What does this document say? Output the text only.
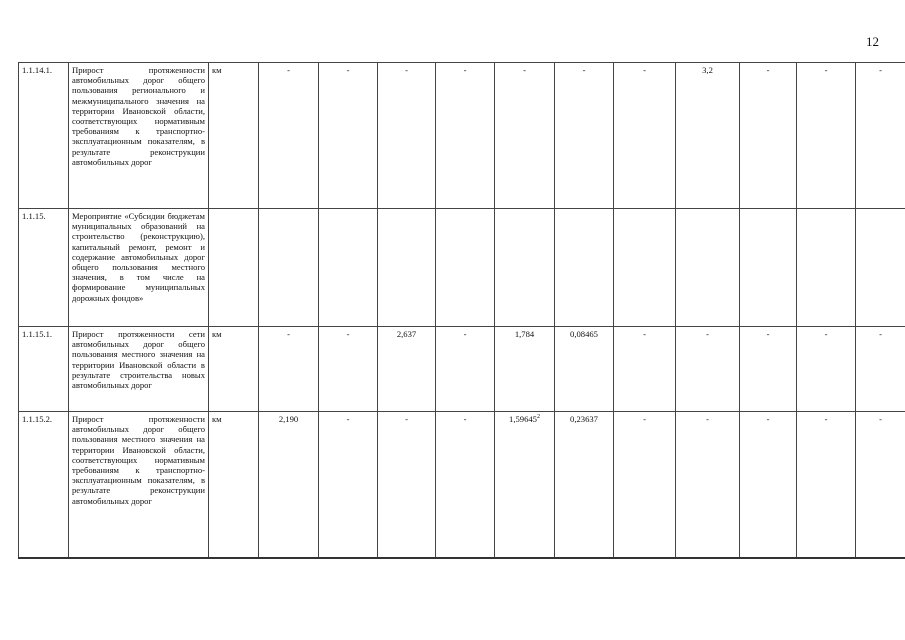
12
1.1.14.1.	Прирост протяженности автомобильных дорог общего пользования регионального и межмуниципального значения на территории Ивановской области, соответствующих нормативным требованиям к транспортно-эксплуатационным показателям, в результате реконструкции автомобильных дорог	км	-	-	-	-	-	-	-	3,2	-	-	-	
1.1.15.	Мероприятие «Субсидии бюджетам муниципальных образований на строительство (реконструкцию), капитальный ремонт, ремонт и содержание автомобильных дорог общего пользования местного значения, в том числе на формирование муниципальных дорожных фондов»													
1.1.15.1.	Прирост протяженности сети автомобильных дорог общего пользования местного значения на территории Ивановской области в результате строительства новых автомобильных дорог	км	-	-	2,637	-	1,784	0,08465	-	-	-	-	-	
1.1.15.2.	Прирост протяженности автомобильных дорог общего пользования местного значения на территории Ивановской области, соответствующих нормативным требованиям к транспортно-эксплуатационным показателям, в результате реконструкции автомобильных дорог	км	2,190	-	-	-	1,59645$^2$	0,23637	-	-	-	-	-	
